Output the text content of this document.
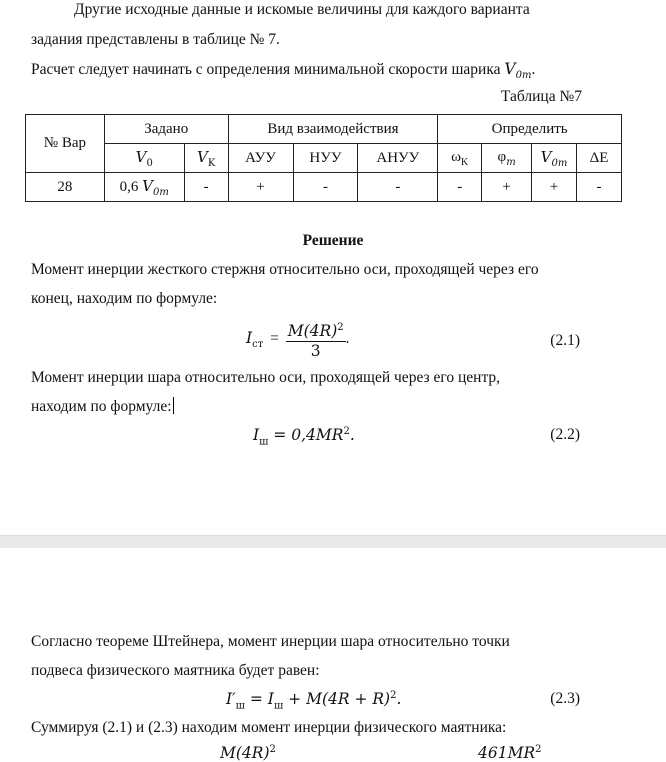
Другие исходные данные и искомые величины для каждого варианта
задания представлены в таблице № 7.
Расчет следует начинать с определения минимальной скорости шарика $V_{0m}$.
Таблица №7
№ Вар	Задано		Вид взаимодействия			Определить			
	$V_0$	$V_K$	АУУ	НУУ	АНУУ	$\omega_K$	$\varphi_m$	$V_{0m}$	ΔE
28	0,6 $V_{0m}$	-	+	-	-	-	+	+	-
Решение
Момент инерции жесткого стержня относительно оси, проходящей через его
конец, находим по формуле:
$I_{ст} = \frac{M(4R)^2}{3}$ .	(2.1)
Момент инерции шара относительно оси, проходящей через его центр,
находим по формуле:
$I_ш = 0,4MR^2$.	(2.2)
Согласно теореме Штейнера, момент инерции шара относительно точки
подвеса физического маятника будет равен:
$I'_ш = I_ш + M(4R + R)^2$.	(2.3)
Суммируя (2.1) и (2.3) находим момент инерции физического маятника:
$M(4R)^2$	$461MR^2$
